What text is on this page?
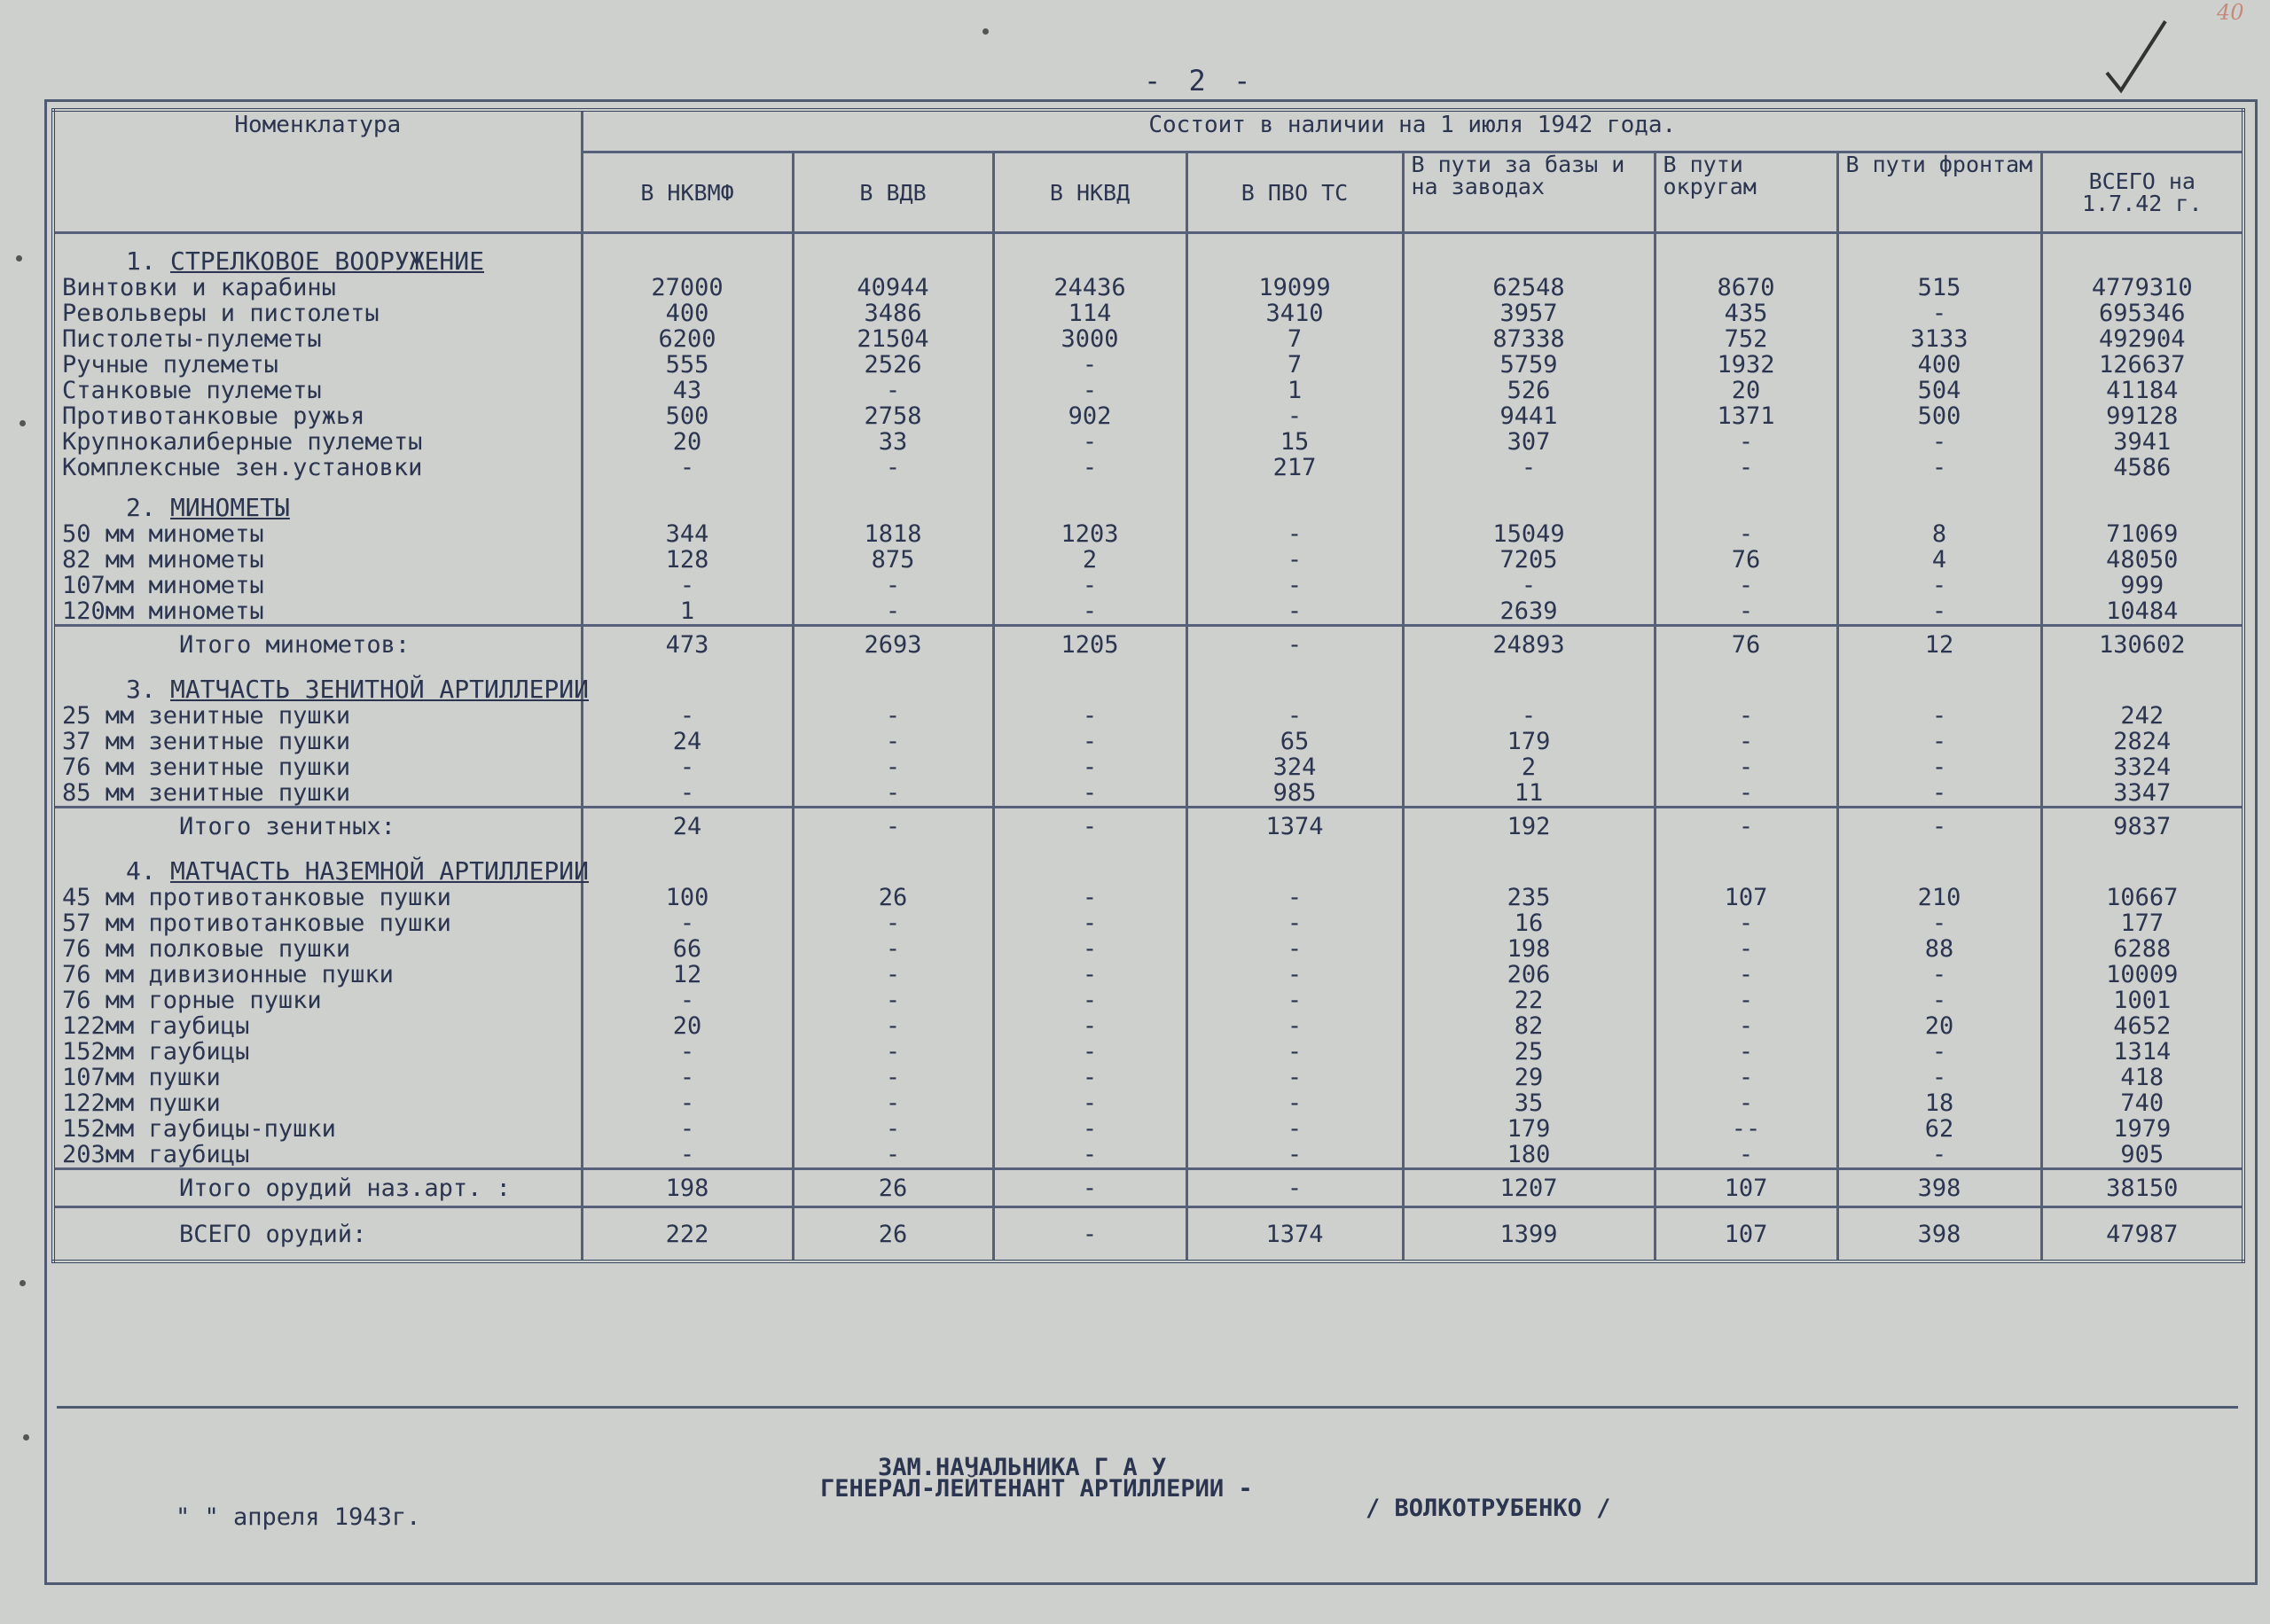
- 2 -
40
Номенклатура	Состоит в наличии на 1 июля 1942 года.							
	В НКВМФ	В ВДВ	В НКВД	В ПВО ТС	В пути за базы и на заводах	В пути округам	В пути фронтам	ВСЕГО на 1.7.42 г.
1. СТРЕЛКОВОЕ ВООРУЖЕНИЕ								
Винтовки и карабины	27000	40944	24436	19099	62548	8670	515	4779310
Револьверы и пистолеты	400	3486	114	3410	3957	435	-	695346
Пистолеты-пулеметы	6200	21504	3000	7	87338	752	3133	492904
Ручные пулеметы	555	2526	-	7	5759	1932	400	126637
Станковые пулеметы	43	-	-	1	526	20	504	41184
Противотанковые ружья	500	2758	902	-	9441	1371	500	99128
Крупнокалиберные пулеметы	20	33	-	15	307	-	-	3941
Комплексные зен.установки	-	-	-	217	-	-	-	4586
2. МИНОМЕТЫ								
50 мм минометы	344	1818	1203	-	15049	-	8	71069
82 мм минометы	128	875	2	-	7205	76	4	48050
107мм минометы	-	-	-	-	-	-	-	999
120мм минометы	1	-	-	-	2639	-	-	10484
Итого минометов:	473	2693	1205	-	24893	76	12	130602
3. МАТЧАСТЬ ЗЕНИТНОЙ АРТИЛЛЕРИИ								
25 мм зенитные пушки	-	-	-	-	-	-	-	242
37 мм зенитные пушки	24	-	-	65	179	-	-	2824
76 мм зенитные пушки	-	-	-	324	2	-	-	3324
85 мм зенитные пушки	-	-	-	985	11	-	-	3347
Итого зенитных:	24	-	-	1374	192	-	-	9837
4. МАТЧАСТЬ НАЗЕМНОЙ АРТИЛЛЕРИИ								
45 мм противотанковые пушки	100	26	-	-	235	107	210	10667
57 мм противотанковые пушки	-	-	-	-	16	-	-	177
76 мм полковые пушки	66	-	-	-	198	-	88	6288
76 мм дивизионные пушки	12	-	-	-	206	-	-	10009
76 мм горные пушки	-	-	-	-	22	-	-	1001
122мм гаубицы	20	-	-	-	82	-	20	4652
152мм гаубицы	-	-	-	-	25	-	-	1314
107мм пушки	-	-	-	-	29	-	-	418
122мм пушки	-	-	-	-	35	-	18	740
152мм гаубицы-пушки	-	-	-	-	179	--	62	1979
203мм гаубицы	-	-	-	-	180	-	-	905
Итого орудий наз.арт. :	198	26	-	-	1207	107	398	38150
ВСЕГО орудий:	222	26	-	1374	1399	107	398	47987
ЗАМ.НАЧАЛЬНИКА Г А У
ГЕНЕРАЛ-ЛЕЙТЕНАНТ АРТИЛЛЕРИИ -
/ ВОЛКОТРУБЕНКО /
" " апреля 1943г.
